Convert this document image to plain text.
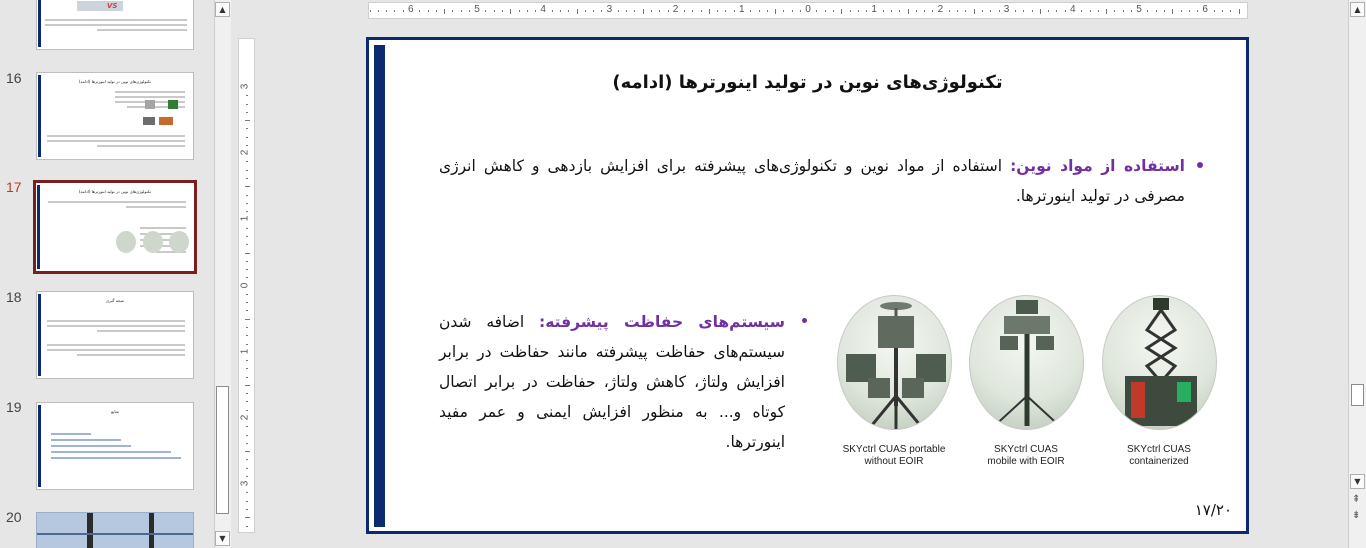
VS
16	تکنولوژی‌های نوین در تولید اینورترها (ادامه)
17	تکنولوژی‌های نوین در تولید اینورترها (ادامه)
18	نتیجه گیری
19	منابع
20
▲
▼
6	5	4	3	2	1	0	1	2	3	4	5	6
3
2
1
0
1
2
3
تکنولوژی‌های نوین در تولید اینورترها (ادامه)
استفاده از مواد نوین: استفاده از مواد نوین و تکنولوژی‌های پیشرفته برای افزایش بازدهی و کاهش انرژی مصرفی در تولید اینورترها.
سیستم‌های حفاظت پیشرفته: اضافه شدن سیستم‌های حفاظت پیشرفته مانند حفاظت در برابر افزایش ولتاژ، کاهش ولتاژ، حفاظت در برابر اتصال کوتاه و... به منظور افزایش ایمنی و عمر مفید اینورترها.	SKYctrl CUAS portable
without EOIR
SKYctrl CUAS
mobile with EOIR
SKYctrl CUAS
containerized
۱۷/۲۰
▲
▼
⇞
⇟
